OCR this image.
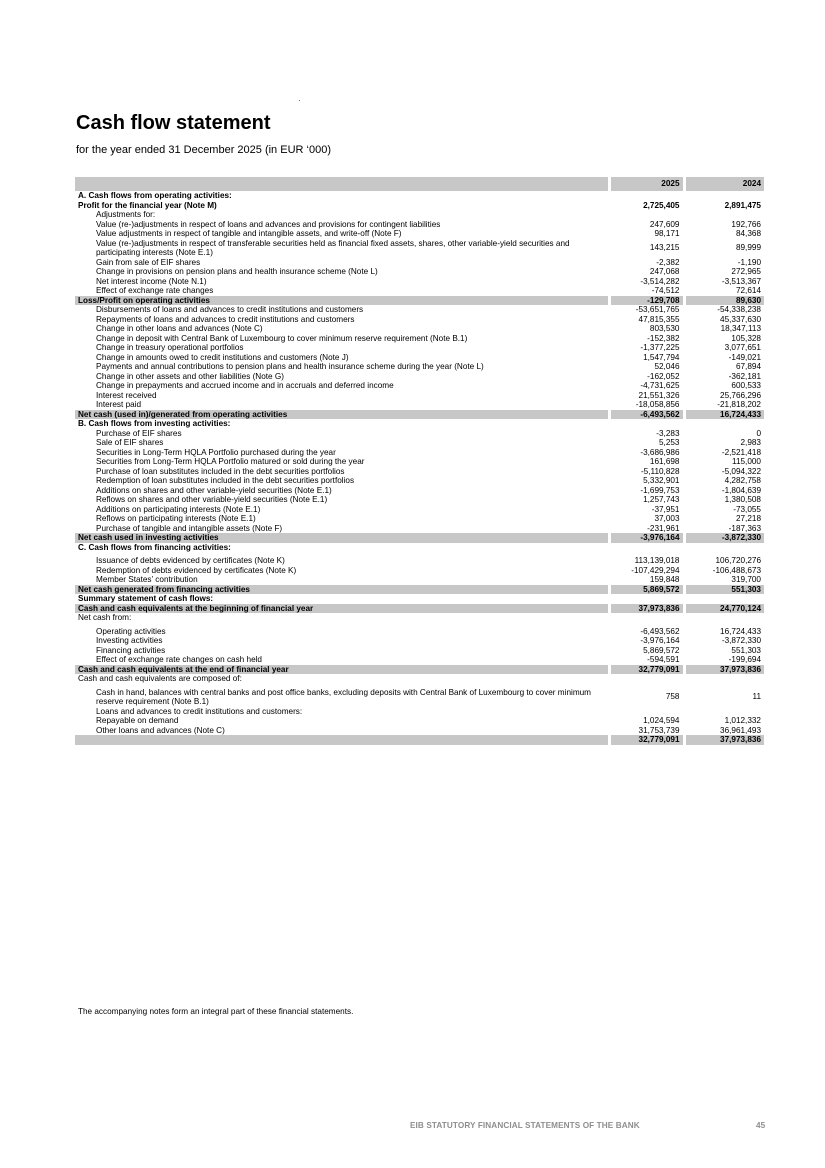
Cash flow statement
for the year ended 31 December 2025 (in EUR ‘000)
	2025	2024
A. Cash flows from operating activities:		
Profit for the financial year (Note M)	2,725,405	2,891,475
Adjustments for:		
Value (re-)adjustments in respect of loans and advances and provisions for contingent liabilities	247,609	192,766
Value adjustments in respect of tangible and intangible assets, and write-off (Note F)	98,171	84,368
Value (re-)adjustments in respect of transferable securities held as financial fixed assets, shares, other variable-yield securities and participating interests (Note E.1)	143,215	89,999
Gain from sale of EIF shares	-2,382	-1,190
Change in provisions on pension plans and health insurance scheme (Note L)	247,068	272,965
Net interest income (Note N.1)	-3,514,282	-3,513,367
Effect of exchange rate changes	-74,512	72,614
Loss/Profit on operating activities	-129,708	89,630
Disbursements of loans and advances to credit institutions and customers	-53,651,765	-54,338,238
Repayments of loans and advances to credit institutions and customers	47,815,355	45,337,630
Change in other loans and advances (Note C)	803,530	18,347,113
Change in deposit with Central Bank of Luxembourg to cover minimum reserve requirement (Note B.1)	-152,382	105,328
Change in treasury operational portfolios	-1,377,225	3,077,651
Change in amounts owed to credit institutions and customers (Note J)	1,547,794	-149,021
Payments and annual contributions to pension plans and health insurance scheme during the year (Note L)	52,046	67,894
Change in other assets and other liabilities (Note G)	-162,052	-362,181
Change in prepayments and accrued income and in accruals and deferred income	-4,731,625	600,533
Interest received	21,551,326	25,766,296
Interest paid	-18,058,856	-21,818,202
Net cash (used in)/generated from operating activities	-6,493,562	16,724,433
B. Cash flows from investing activities:		
Purchase of EIF shares	-3,283	0
Sale of EIF shares	5,253	2,983
Securities in Long-Term HQLA Portfolio purchased during the year	-3,686,986	-2,521,418
Securities from Long-Term HQLA Portfolio matured or sold during the year	161,698	115,000
Purchase of loan substitutes included in the debt securities portfolios	-5,110,828	-5,094,322
Redemption of loan substitutes included in the debt securities portfolios	5,332,901	4,282,758
Additions on shares and other variable-yield securities (Note E.1)	-1,699,753	-1,804,639
Reflows on shares and other variable-yield securities (Note E.1)	1,257,743	1,380,508
Additions on participating interests (Note E.1)	-37,951	-73,055
Reflows on participating interests (Note E.1)	37,003	27,218
Purchase of tangible and intangible assets (Note F)	-231,961	-187,363
Net cash used in investing activities	-3,976,164	-3,872,330
C. Cash flows from financing activities:		

Issuance of debts evidenced by certificates (Note K)	113,139,018	106,720,276
Redemption of debts evidenced by certificates (Note K)	-107,429,294	-106,488,673
Member States’ contribution	159,848	319,700
Net cash generated from financing activities	5,869,572	551,303
Summary statement of cash flows:		
Cash and cash equivalents at the beginning of financial year	37,973,836	24,770,124
Net cash from:		

Operating activities	-6,493,562	16,724,433
Investing activities	-3,976,164	-3,872,330
Financing activities	5,869,572	551,303
Effect of exchange rate changes on cash held	-594,591	-199,694
Cash and cash equivalents at the end of financial year	32,779,091	37,973,836
Cash and cash equivalents are composed of:		

Cash in hand, balances with central banks and post office banks, excluding deposits with Central Bank of Luxembourg to cover minimum reserve requirement (Note B.1)	758	11
Loans and advances to credit institutions and customers:		
Repayable on demand	1,024,594	1,012,332
Other loans and advances (Note C)	31,753,739	36,961,493
	32,779,091	37,973,836
The accompanying notes form an integral part of these financial statements.
EIB STATUTORY FINANCIAL STATEMENTS OF THE BANK	45
